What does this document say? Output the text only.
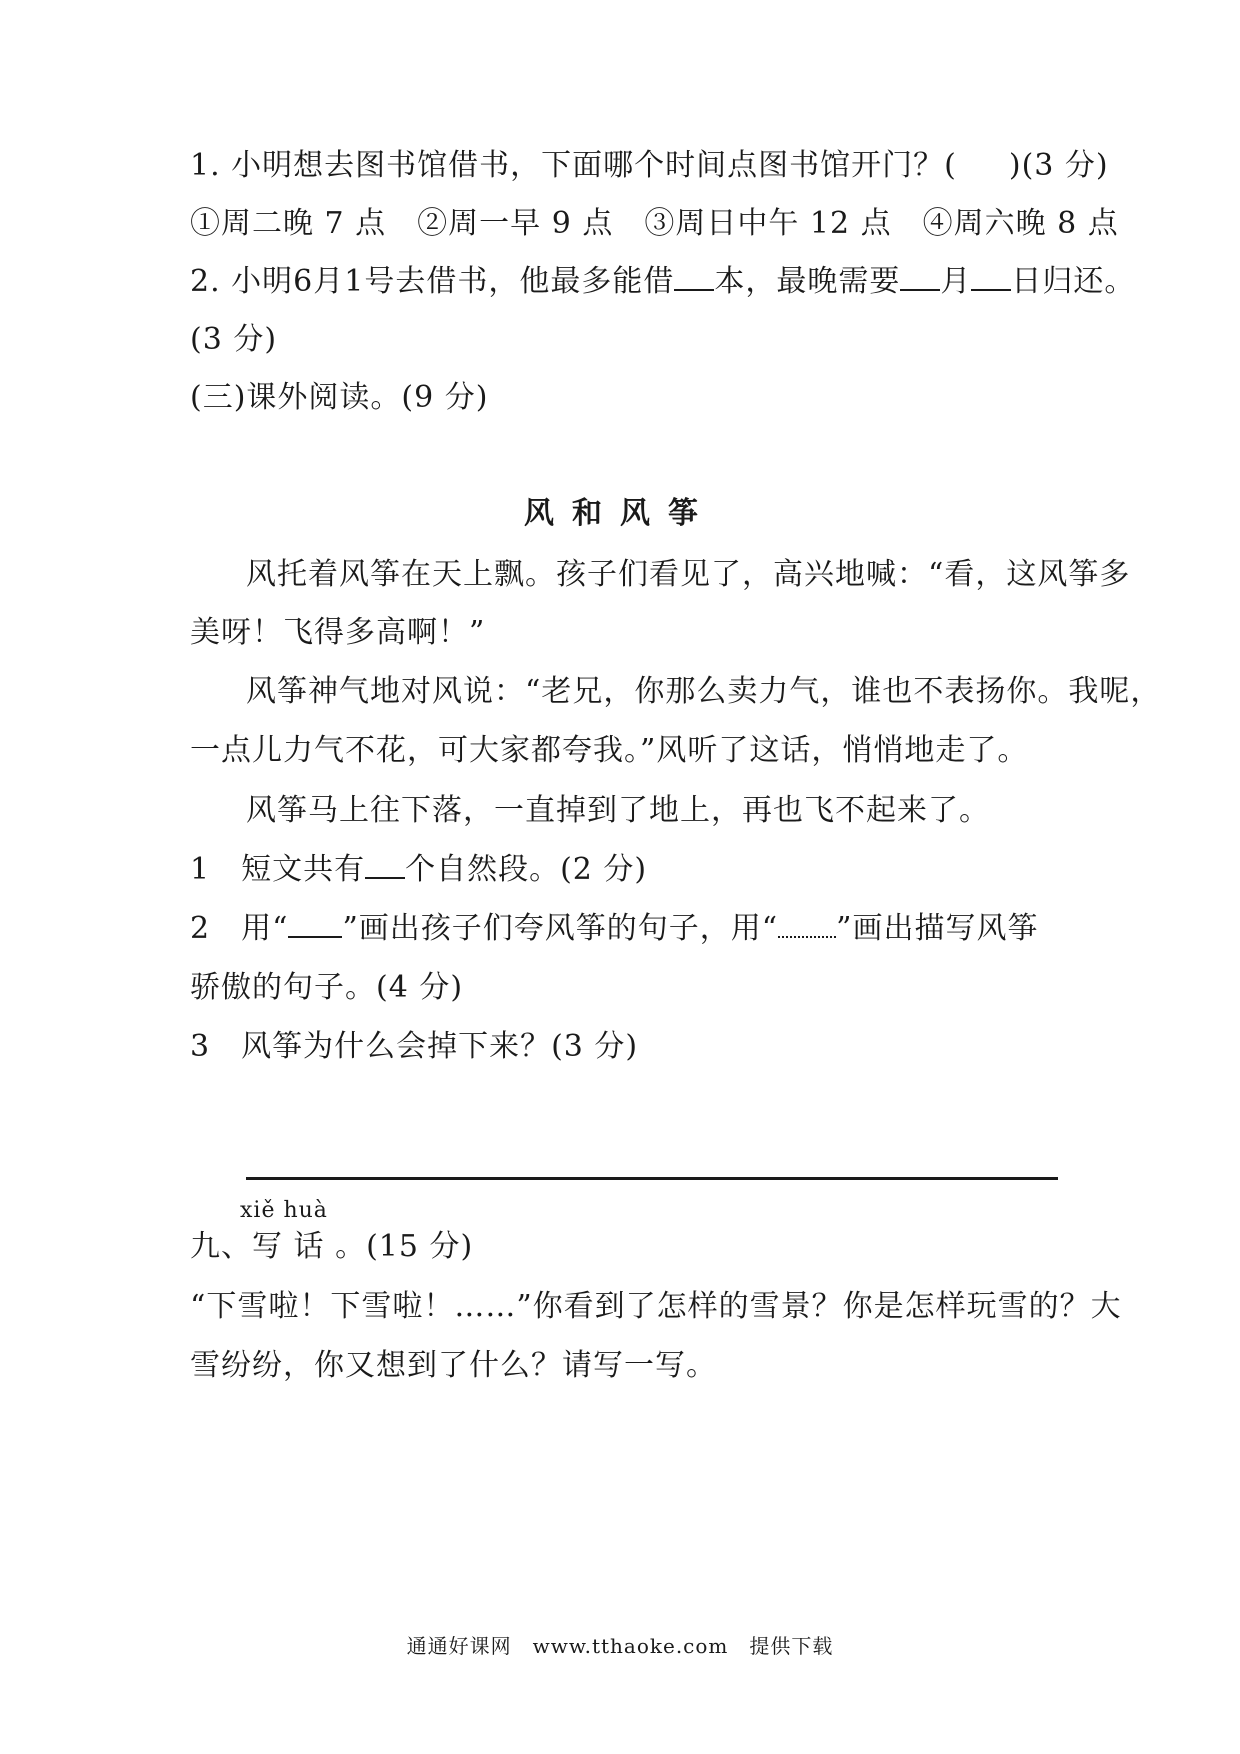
1. 小明想去图书馆借书，下面哪个时间点图书馆开门？( )(3 分)
①周二晚 7 点　②周一早 9 点　③周日中午 12 点　④周六晚 8 点
2. 小明6月1号去借书，他最多能借 本，最晚需要 月 日归还。
(3 分)
(三)课外阅读。(9 分)
风和风筝
风托着风筝在天上飘。孩子们看见了，高兴地喊：“看，这风筝多
美呀！飞得多高啊！”
风筝神气地对风说：“老兄，你那么卖力气，谁也不表扬你。我呢，
一点儿力气不花，可大家都夸我。”风听了这话，悄悄地走了。
风筝马上往下落，一直掉到了地上，再也飞不起来了。
1　短文共有 个自然段。(2 分)
2　用“ ”画出孩子们夸风筝的句子，用“ ”画出描写风筝
骄傲的句子。(4 分)
3　风筝为什么会掉下来？(3 分)
xiě huà
九、写 话 。(15 分)
“下雪啦！下雪啦！……”你看到了怎样的雪景？你是怎样玩雪的？大
雪纷纷，你又想到了什么？请写一写。
通通好课网　www.tthaoke.com　提供下载
